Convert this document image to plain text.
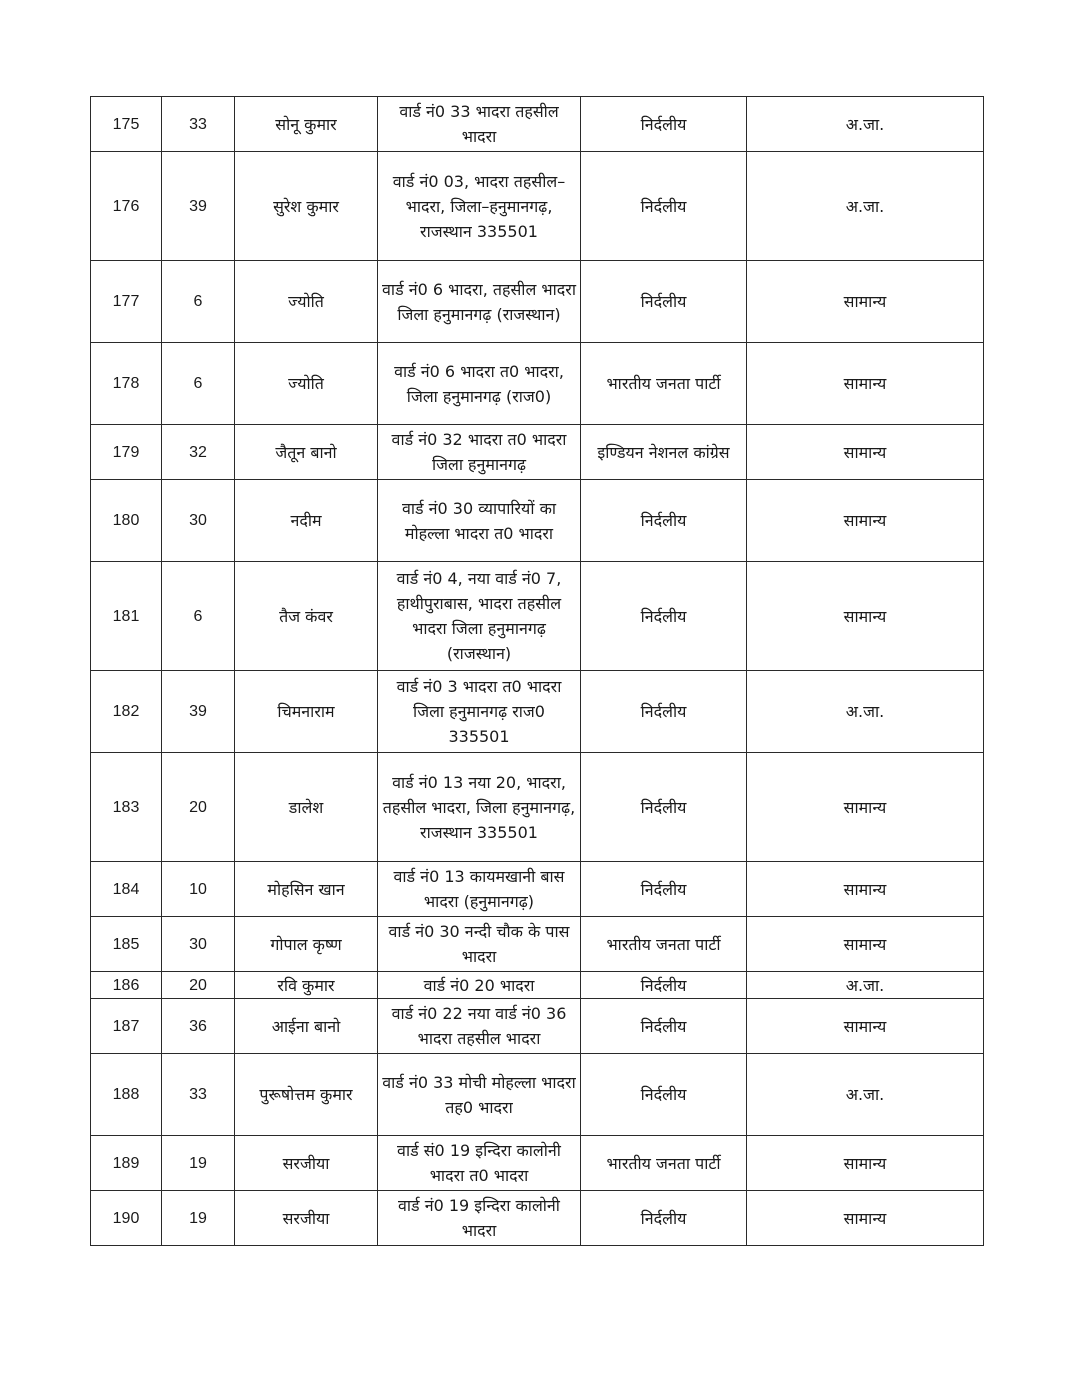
175	33	सोनू कुमार	वार्ड नं0 33 भादरा तहसील भादरा	निर्दलीय	अ.जा.
176	39	सुरेश कुमार	वार्ड नं0 03, भादरा तहसील–भादरा, जिला–हनुमानगढ़, राजस्थान 335501	निर्दलीय	अ.जा.
177	6	ज्योति	वार्ड नं0 6 भादरा, तहसील भादरा जिला हनुमानगढ़ (राजस्थान)	निर्दलीय	सामान्य
178	6	ज्योति	वार्ड नं0 6 भादरा त0 भादरा, जिला हनुमानगढ़ (राज0)	भारतीय जनता पार्टी	सामान्य
179	32	जैतून बानो	वार्ड नं0 32 भादरा त0 भादरा जिला हनुमानगढ़	इण्डियन नेशनल कांग्रेस	सामान्य
180	30	नदीम	वार्ड नं0 30 व्यापारियों का मोहल्ला भादरा त0 भादरा	निर्दलीय	सामान्य
181	6	तैज कंवर	वार्ड नं0 4, नया वार्ड नं0 7, हाथीपुराबास, भादरा तहसील भादरा जिला हनुमानगढ़ (राजस्थान)	निर्दलीय	सामान्य
182	39	चिमनाराम	वार्ड नं0 3 भादरा त0 भादरा जिला हनुमानगढ़ राज0 335501	निर्दलीय	अ.जा.
183	20	डालेश	वार्ड नं0 13 नया 20, भादरा, तहसील भादरा, जिला हनुमानगढ़, राजस्थान 335501	निर्दलीय	सामान्य
184	10	मोहसिन खान	वार्ड नं0 13 कायमखानी बास भादरा (हनुमानगढ़)	निर्दलीय	सामान्य
185	30	गोपाल कृष्ण	वार्ड नं0 30 नन्दी चौक के पास भादरा	भारतीय जनता पार्टी	सामान्य
186	20	रवि कुमार	वार्ड नं0 20 भादरा	निर्दलीय	अ.जा.
187	36	आईना बानो	वार्ड नं0 22 नया वार्ड नं0 36 भादरा तहसील भादरा	निर्दलीय	सामान्य
188	33	पुरूषोत्तम कुमार	वार्ड नं0 33 मोची मोहल्ला भादरा तह0 भादरा	निर्दलीय	अ.जा.
189	19	सरजीया	वार्ड सं0 19 इन्दिरा कालोनी भादरा त0 भादरा	भारतीय जनता पार्टी	सामान्य
190	19	सरजीया	वार्ड नं0 19 इन्दिरा कालोनी भादरा	निर्दलीय	सामान्य
